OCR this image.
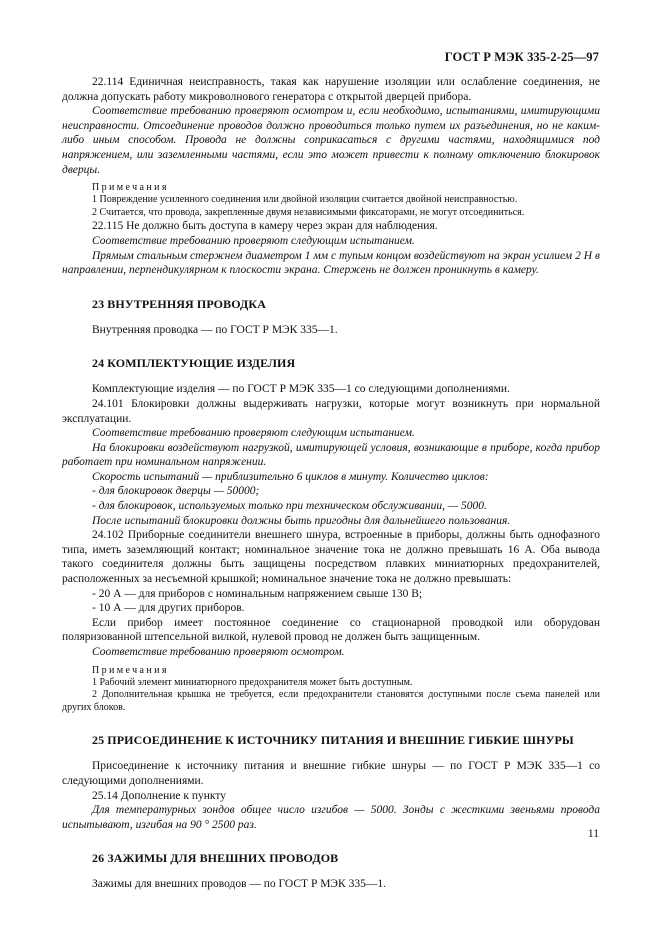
ГОСТ Р МЭК 335-2-25—97

22.114 Единичная неисправность, такая как нарушение изоляции или ослабление соединения, не должна допускать работу микроволнового генератора с открытой дверцей прибора.

Соответствие требованию проверяют осмотром и, если необходимо, испытаниями, имитирующими неисправности. Отсоединение проводов должно проводиться только путем их разъединения, но не каким-либо иным способом. Провода не должны соприкасаться с другими частями, находящимися под напряжением, или заземленными частями, если это может привести к полному отключению блокировок дверцы.

Примечания

1 Повреждение усиленного соединения или двойной изоляции считается двойной неисправностью.

2 Считается, что провода, закрепленные двумя независимыми фиксаторами, не могут отсоединиться.

22.115 Не должно быть доступа в камеру через экран для наблюдения.

Соответствие требованию проверяют следующим испытанием.

Прямым стальным стержнем диаметром 1 мм с тупым концом воздействуют на экран усилием 2 Н в направлении, перпендикулярном к плоскости экрана. Стержень не должен проникнуть в камеру.

23 ВНУТРЕННЯЯ ПРОВОДКА

Внутренняя проводка — по ГОСТ Р МЭК 335—1.

24 КОМПЛЕКТУЮЩИЕ ИЗДЕЛИЯ

Комплектующие изделия — по ГОСТ Р МЭК 335—1 со следующими дополнениями.

24.101 Блокировки должны выдерживать нагрузки, которые могут возникнуть при нормальной эксплуатации.

Соответствие требованию проверяют следующим испытанием.

На блокировки воздействуют нагрузкой, имитирующей условия, возникающие в приборе, когда прибор работает при номинальном напряжении.

Скорость испытаний — приблизительно 6 циклов в минуту. Количество циклов:

- для блокировок дверцы — 50000;

- для блокировок, используемых только при техническом обслуживании, — 5000.

После испытаний блокировки должны быть пригодны для дальнейшего пользования.

24.102 Приборные соединители внешнего шнура, встроенные в приборы, должны быть однофазного типа, иметь заземляющий контакт; номинальное значение тока не должно превышать 16 А. Оба вывода такого соединителя должны быть защищены посредством плавких миниатюрных предохранителей, расположенных за несъемной крышкой; номинальное значение тока не должно превышать:

- 20 А — для приборов с номинальным напряжением свыше 130 В;

- 10 А — для других приборов.

Если прибор имеет постоянное соединение со стационарной проводкой или оборудован поляризованной штепсельной вилкой, нулевой провод не должен быть защищенным.

Соответствие требованию проверяют осмотром.

Примечания

1 Рабочий элемент миниатюрного предохранителя может быть доступным.

2 Дополнительная крышка не требуется, если предохранители становятся доступными после съема панелей или других блоков.

25 ПРИСОЕДИНЕНИЕ К ИСТОЧНИКУ ПИТАНИЯ И ВНЕШНИЕ ГИБКИЕ ШНУРЫ

Присоединение к источнику питания и внешние гибкие шнуры — по ГОСТ Р МЭК 335—1 со следующими дополнениями.

25.14 Дополнение к пункту

Для температурных зондов общее число изгибов — 5000. Зонды с жесткими звеньями провода испытывают, изгибая на 90 ° 2500 раз.

26 ЗАЖИМЫ ДЛЯ ВНЕШНИХ ПРОВОДОВ

Зажимы для внешних проводов — по ГОСТ Р МЭК 335—1.

11
